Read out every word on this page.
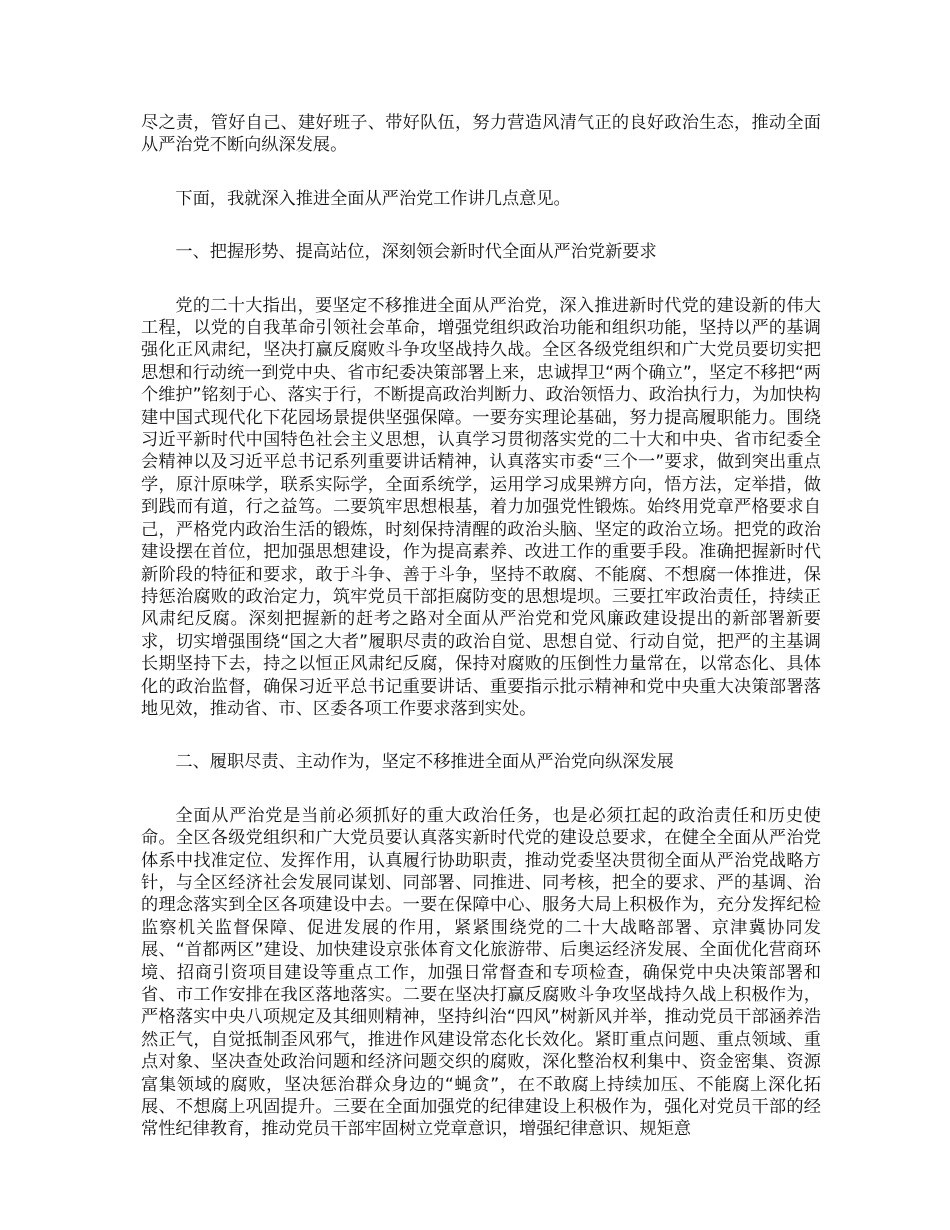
尽之责，管好自己、建好班子、带好队伍，努力营造风清气正的良好政治生态，推动全面从严治党不断向纵深发展。

下面，我就深入推进全面从严治党工作讲几点意见。

一、把握形势、提高站位，深刻领会新时代全面从严治党新要求

党的二十大指出，要坚定不移推进全面从严治党，深入推进新时代党的建设新的伟大工程，以党的自我革命引领社会革命，增强党组织政治功能和组织功能，坚持以严的基调强化正风肃纪，坚决打赢反腐败斗争攻坚战持久战。全区各级党组织和广大党员要切实把思想和行动统一到党中央、省市纪委决策部署上来，忠诚捍卫“两个确立”，坚定不移把“两个维护”铭刻于心、落实于行，不断提高政治判断力、政治领悟力、政治执行力，为加快构建中国式现代化下花园场景提供坚强保障。一要夯实理论基础，努力提高履职能力。围绕习近平新时代中国特色社会主义思想，认真学习贯彻落实党的二十大和中央、省市纪委全会精神以及习近平总书记系列重要讲话精神，认真落实市委“三个一”要求，做到突出重点学，原汁原味学，联系实际学，全面系统学，运用学习成果辨方向，悟方法，定举措，做到践而有道，行之益笃。二要筑牢思想根基，着力加强党性锻炼。始终用党章严格要求自己，严格党内政治生活的锻炼，时刻保持清醒的政治头脑、坚定的政治立场。把党的政治建设摆在首位，把加强思想建设，作为提高素养、改进工作的重要手段。准确把握新时代新阶段的特征和要求，敢于斗争、善于斗争，坚持不敢腐、不能腐、不想腐一体推进，保持惩治腐败的政治定力，筑牢党员干部拒腐防变的思想堤坝。三要扛牢政治责任，持续正风肃纪反腐。深刻把握新的赶考之路对全面从严治党和党风廉政建设提出的新部署新要求，切实增强围绕“国之大者”履职尽责的政治自觉、思想自觉、行动自觉，把严的主基调长期坚持下去，持之以恒正风肃纪反腐，保持对腐败的压倒性力量常在，以常态化、具体化的政治监督，确保习近平总书记重要讲话、重要指示批示精神和党中央重大决策部署落地见效，推动省、市、区委各项工作要求落到实处。

二、履职尽责、主动作为，坚定不移推进全面从严治党向纵深发展

全面从严治党是当前必须抓好的重大政治任务，也是必须扛起的政治责任和历史使命。全区各级党组织和广大党员要认真落实新时代党的建设总要求，在健全全面从严治党体系中找准定位、发挥作用，认真履行协助职责，推动党委坚决贯彻全面从严治党战略方针，与全区经济社会发展同谋划、同部署、同推进、同考核，把全的要求、严的基调、治的理念落实到全区各项建设中去。一要在保障中心、服务大局上积极作为，充分发挥纪检监察机关监督保障、促进发展的作用，紧紧围绕党的二十大战略部署、京津冀协同发展、“首都两区”建设、加快建设京张体育文化旅游带、后奥运经济发展、全面优化营商环境、招商引资项目建设等重点工作，加强日常督查和专项检查，确保党中央决策部署和省、市工作安排在我区落地落实。二要在坚决打赢反腐败斗争攻坚战持久战上积极作为，严格落实中央八项规定及其细则精神，坚持纠治“四风”树新风并举，推动党员干部涵养浩然正气，自觉抵制歪风邪气，推进作风建设常态化长效化。紧盯重点问题、重点领域、重点对象、坚决查处政治问题和经济问题交织的腐败，深化整治权利集中、资金密集、资源富集领域的腐败，坚决惩治群众身边的“蝇贪”，在不敢腐上持续加压、不能腐上深化拓展、不想腐上巩固提升。三要在全面加强党的纪律建设上积极作为，强化对党员干部的经常性纪律教育，推动党员干部牢固树立党章意识，增强纪律意识、规矩意
